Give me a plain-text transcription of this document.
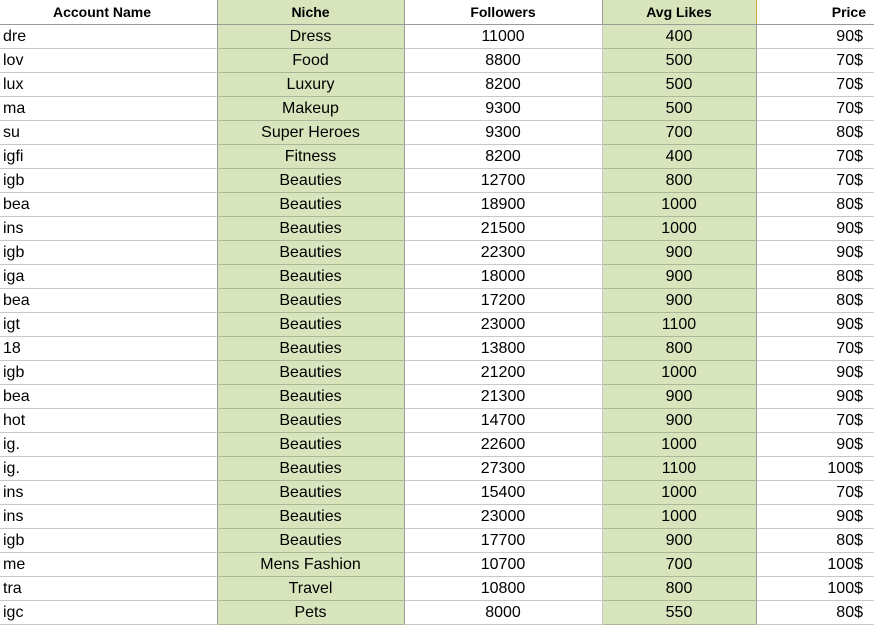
Account Name	Niche	Followers	Avg Likes	Price
dre	Dress	11000	400	90$
lov	Food	8800	500	70$
lux	Luxury	8200	500	70$
ma	Makeup	9300	500	70$
su	Super Heroes	9300	700	80$
igfi	Fitness	8200	400	70$
igb	Beauties	12700	800	70$
bea	Beauties	18900	1000	80$
ins	Beauties	21500	1000	90$
igb	Beauties	22300	900	90$
iga	Beauties	18000	900	80$
bea	Beauties	17200	900	80$
igt	Beauties	23000	1100	90$
18	Beauties	13800	800	70$
igb	Beauties	21200	1000	90$
bea	Beauties	21300	900	90$
hot	Beauties	14700	900	70$
ig.	Beauties	22600	1000	90$
ig.	Beauties	27300	1100	100$
ins	Beauties	15400	1000	70$
ins	Beauties	23000	1000	90$
igb	Beauties	17700	900	80$
me	Mens Fashion	10700	700	100$
tra	Travel	10800	800	100$
igc	Pets	8000	550	80$
